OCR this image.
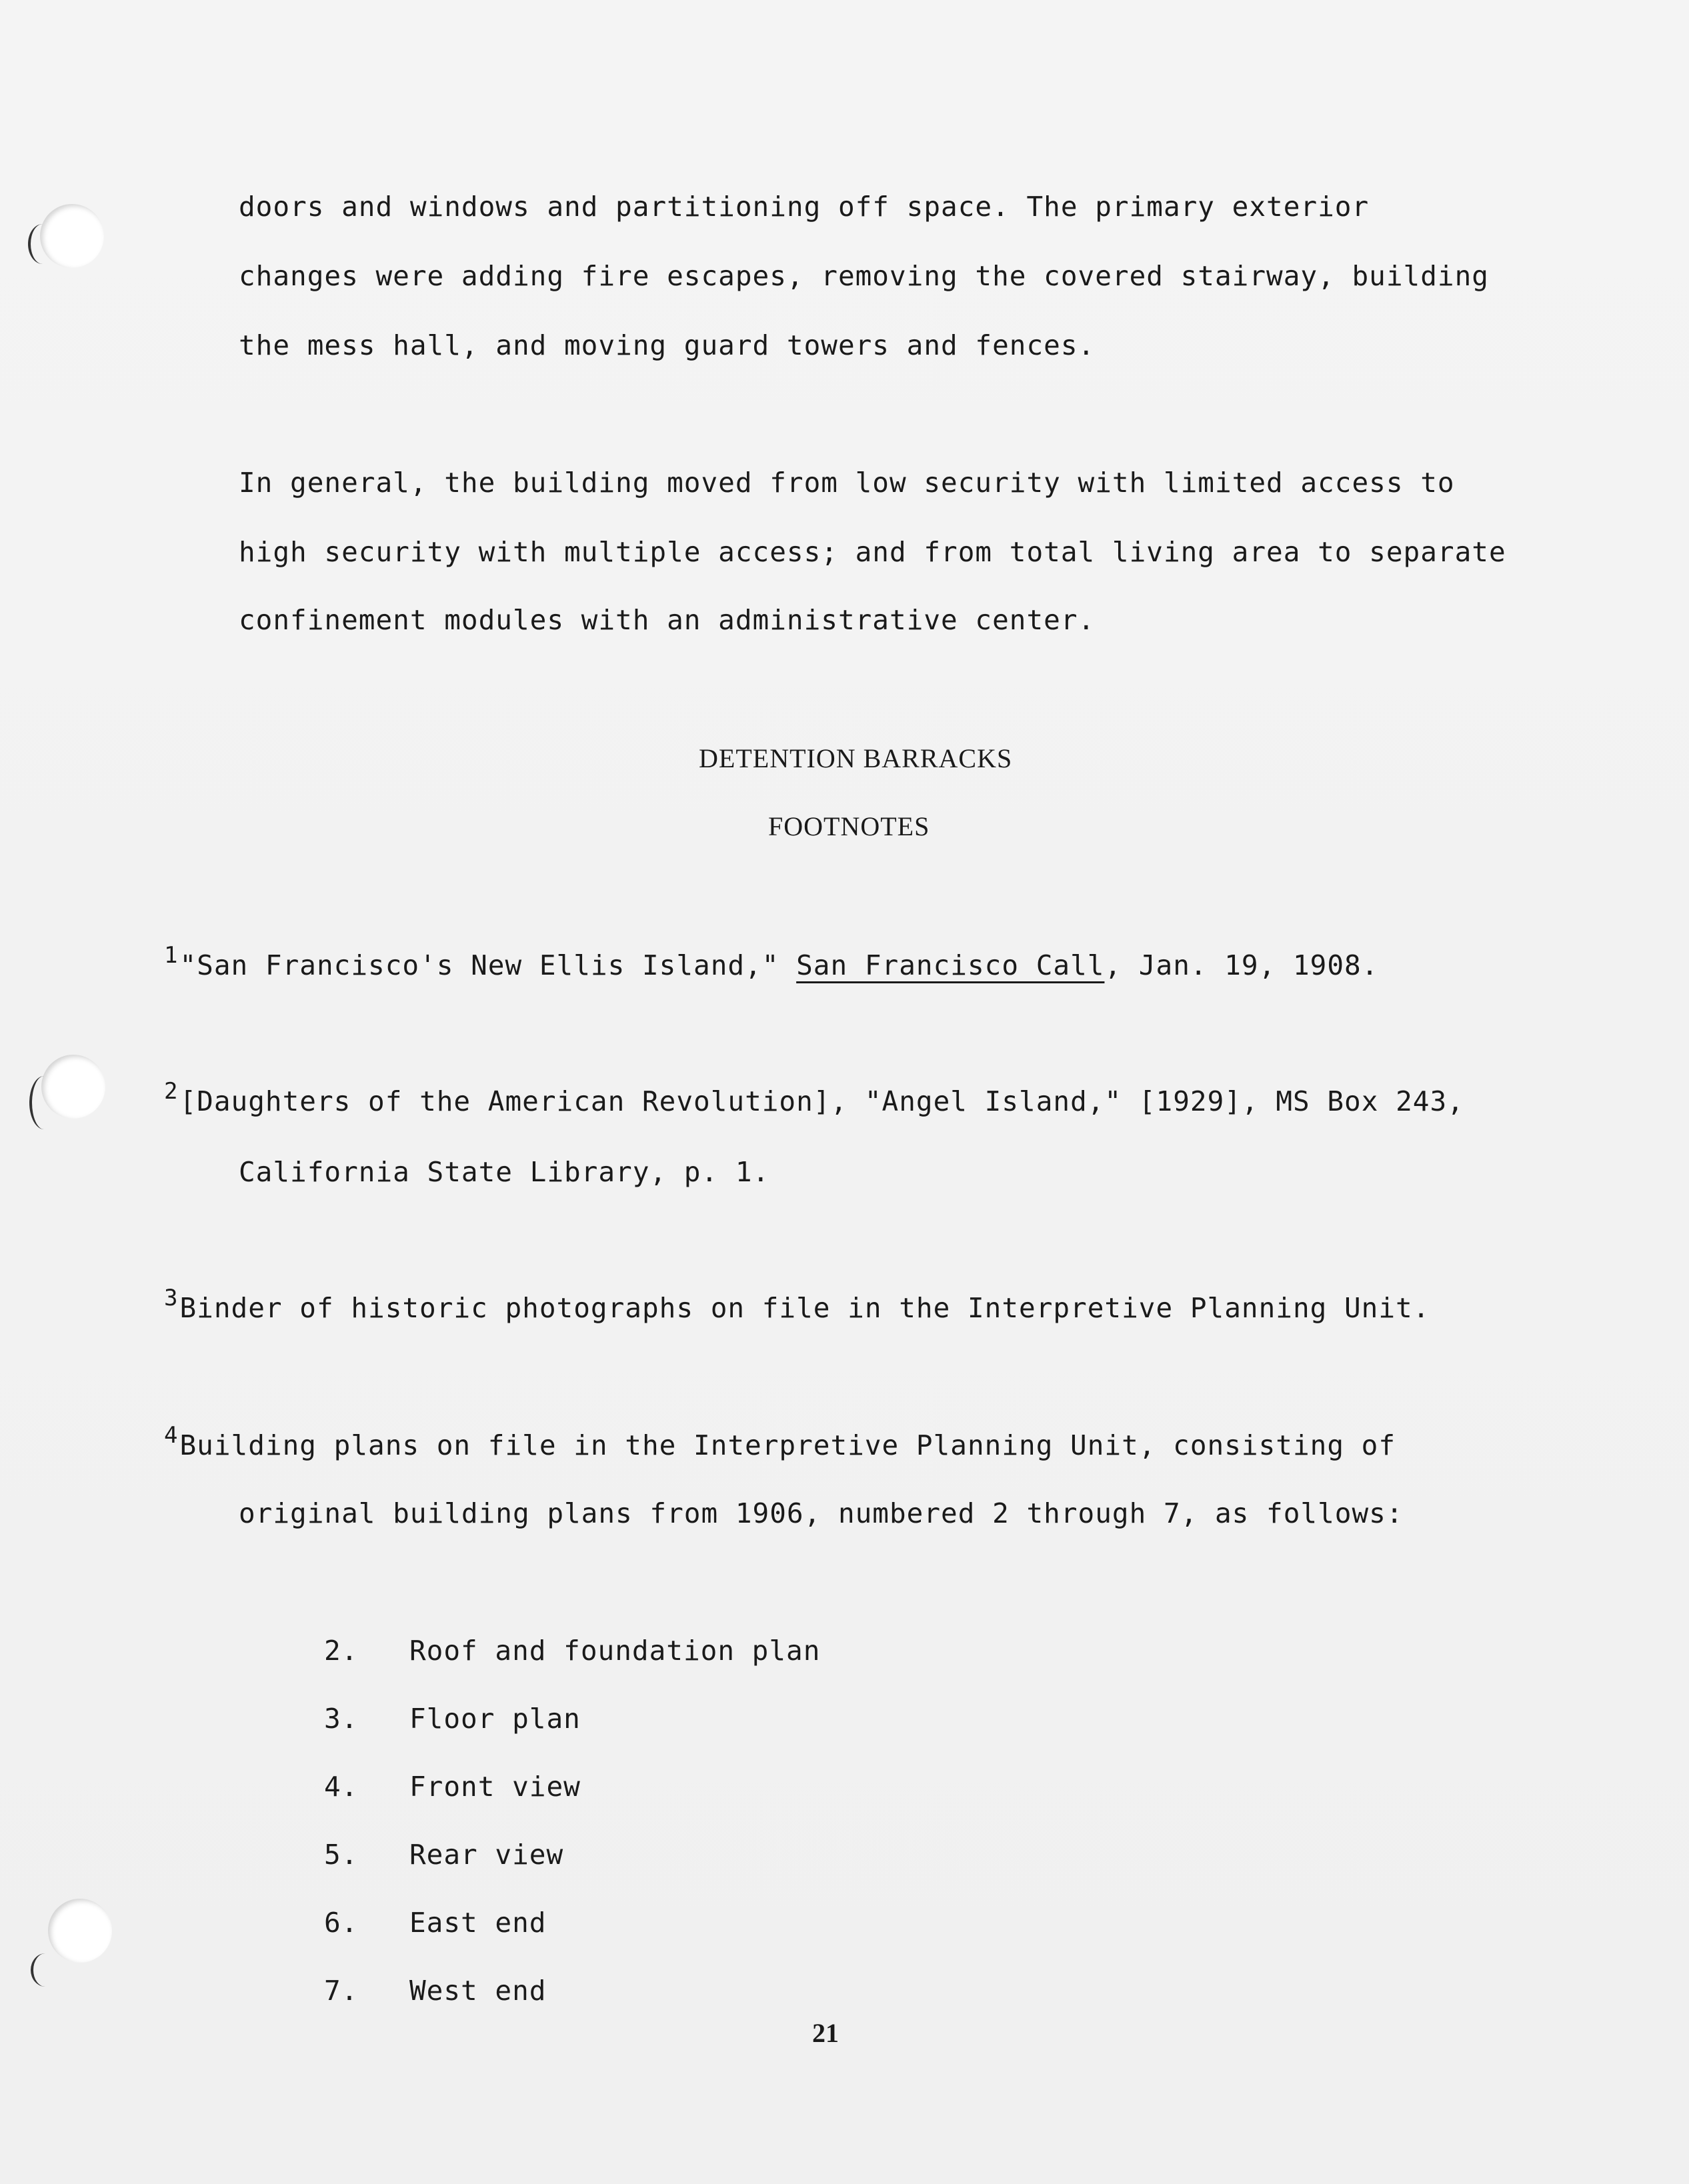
doors and windows and partitioning off space. The primary exterior
changes were adding fire escapes, removing the covered stairway, building
the mess hall, and moving guard towers and fences.
In general, the building moved from low security with limited access to
high security with multiple access; and from total living area to separate
confinement modules with an administrative center.
DETENTION BARRACKS
FOOTNOTES
$^1$"San Francisco's New Ellis Island," San Francisco Call, Jan. 19, 1908.
$^2$[Daughters of the American Revolution], "Angel Island," [1929], MS Box 243,
California State Library, p. 1.
$^3$Binder of historic photographs on file in the Interpretive Planning Unit.
$^4$Building plans on file in the Interpretive Planning Unit, consisting of
original building plans from 1906, numbered 2 through 7, as follows:
2. Roof and foundation plan
3. Floor plan
4. Front view
5. Rear view
6. East end
7. West end
21
